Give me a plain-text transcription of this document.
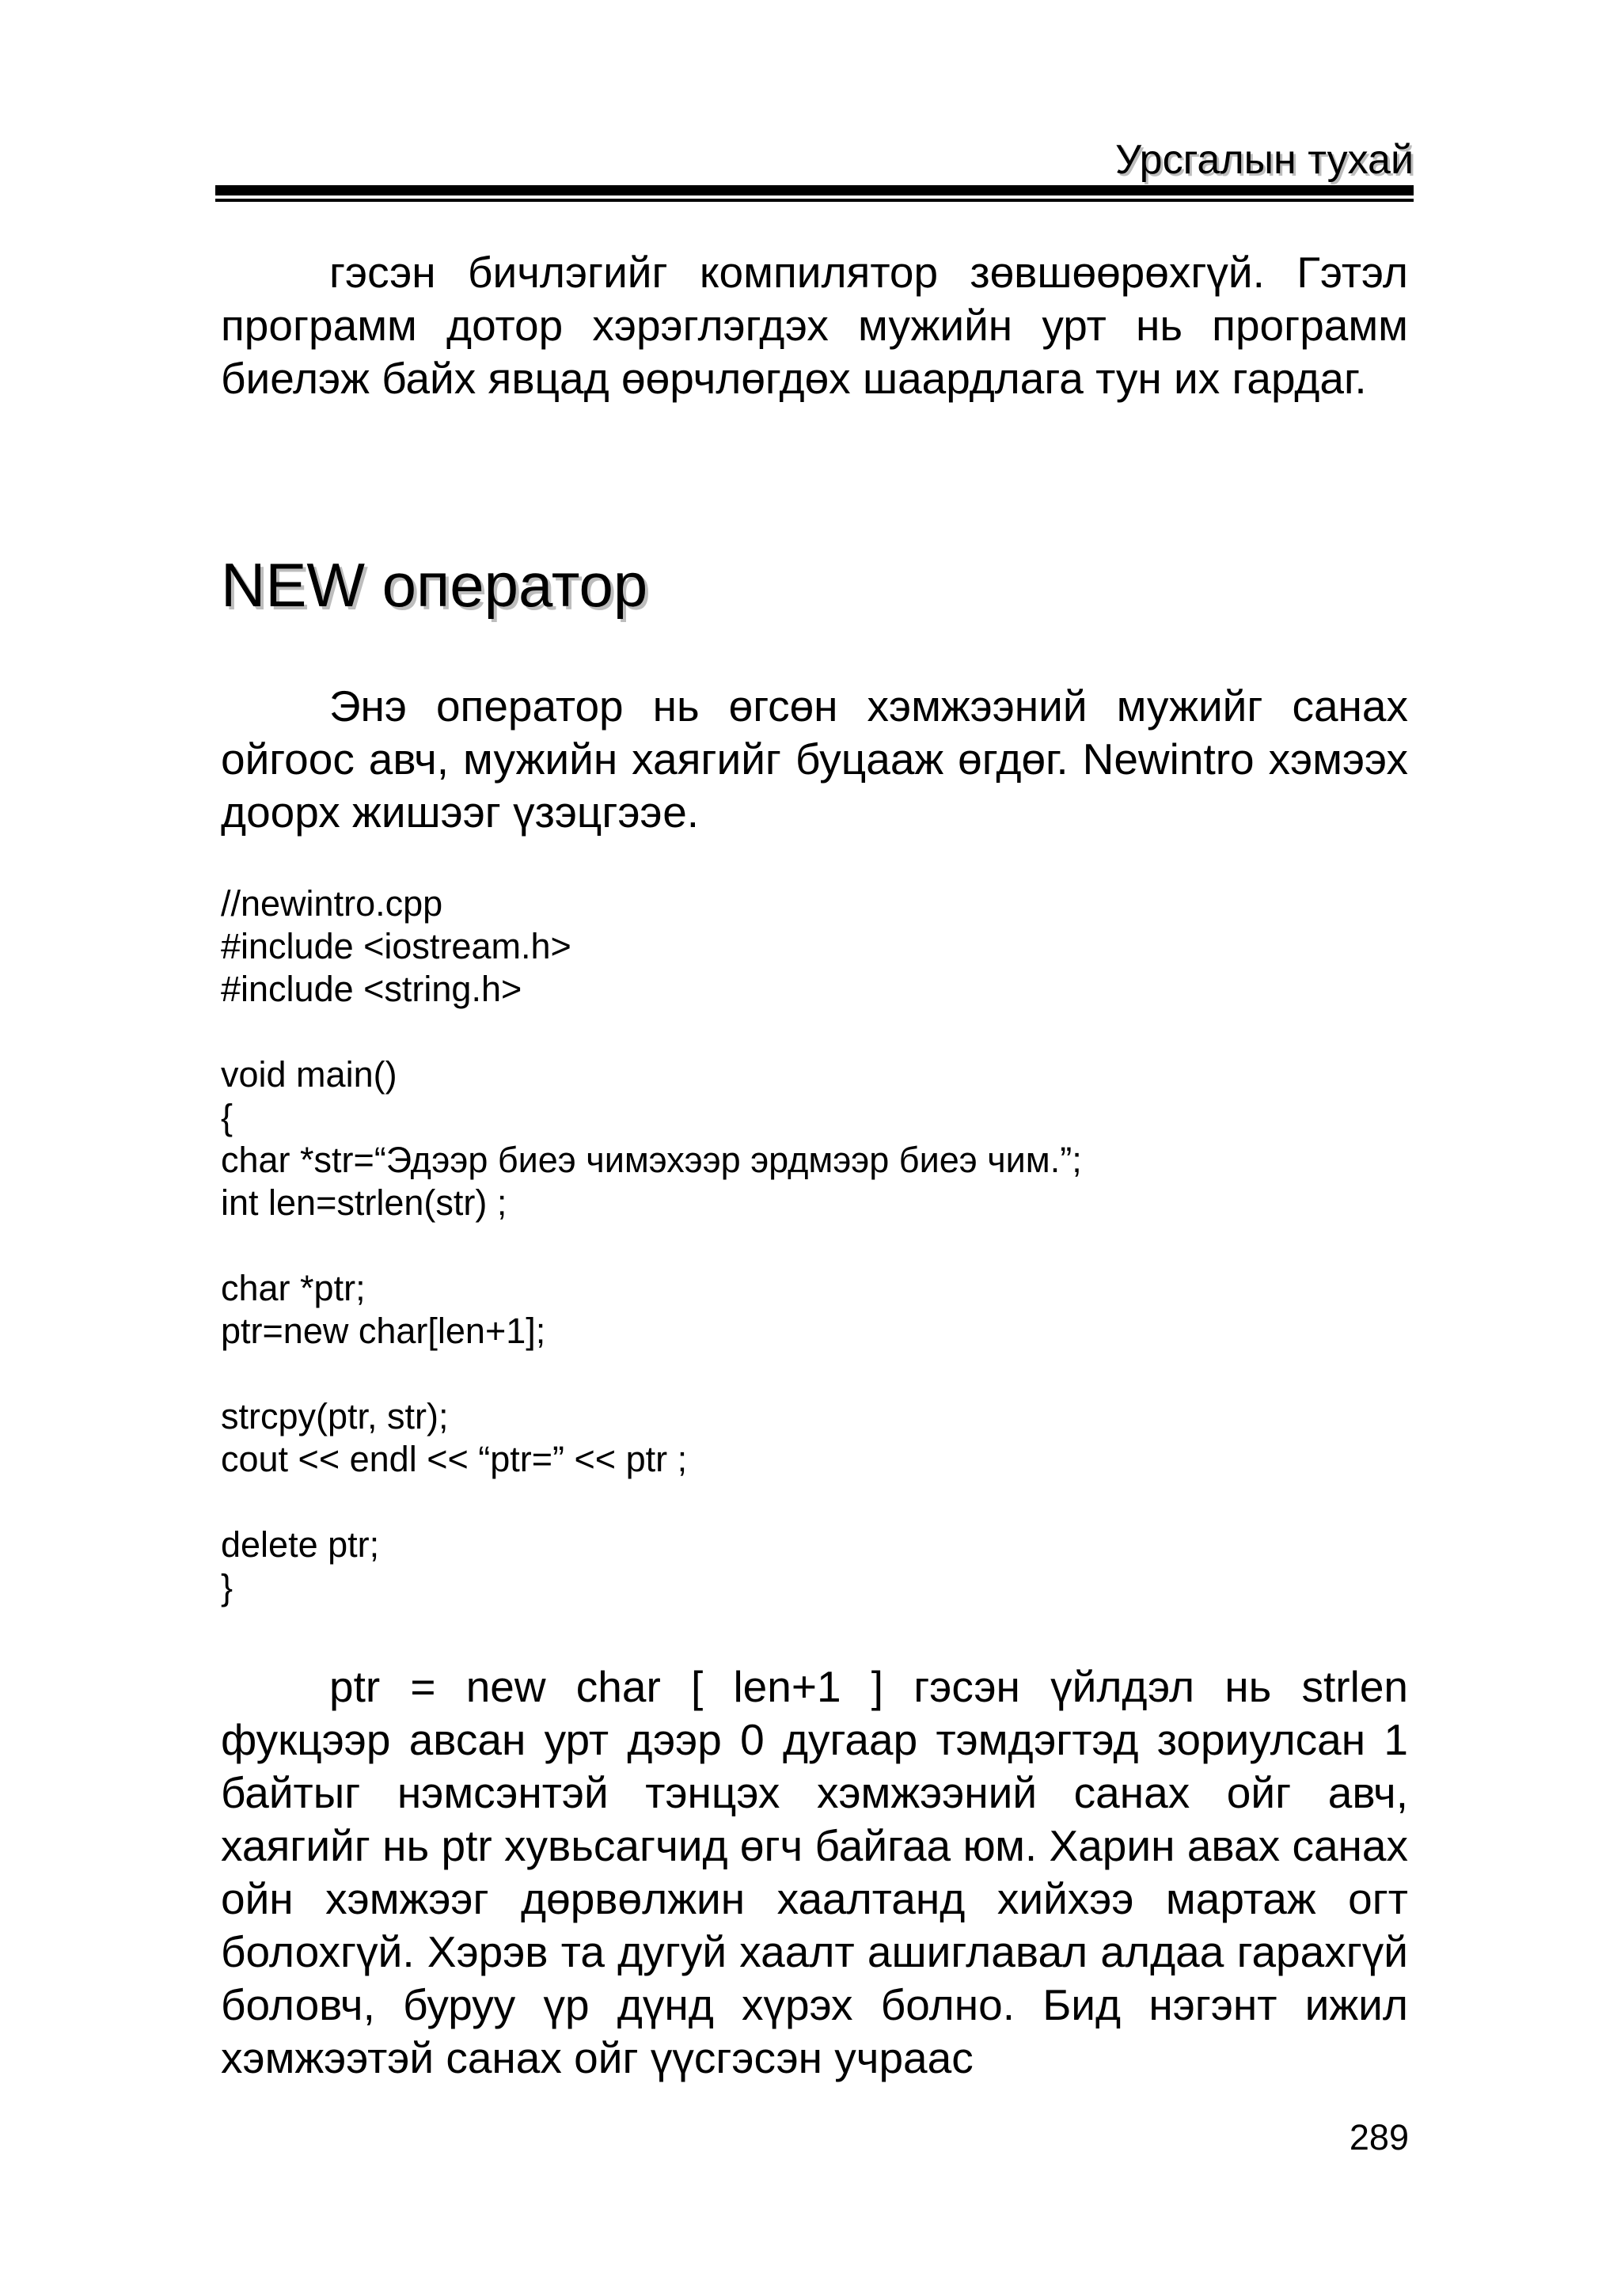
Урсгалын тухай

гэсэн бичлэгийг компилятор зөвшөөрөхгүй. Гэтэл программ дотор хэрэглэгдэх мужийн урт нь программ биелэж байх явцад өөрчлөгдөх шаардлага тун их гардаг.

NEW оператор

Энэ оператор нь өгсөн хэмжээний мужийг санах ойгоос авч, мужийн хаягийг буцааж өгдөг. Newintro хэмээх доорх жишээг үзэцгээе.

//newintro.cpp
#include <iostream.h>
#include <string.h>
void main()
{
char *str=“Эдээр биеэ чимэхээр эрдмээр биеэ чим.”;
int len=strlen(str) ;
char *ptr;
ptr=new char[len+1];
strcpy(ptr, str);
cout << endl << “ptr=” << ptr ;
delete ptr;
}

ptr = new char [ len+1 ] гэсэн үйлдэл нь strlen фукцээр авсан урт дээр 0 дугаар тэмдэгтэд зориулсан 1 байтыг нэмсэнтэй тэнцэх хэмжээний санах ойг авч, хаягийг нь ptr хувьсагчид өгч байгаа юм. Харин авах санах ойн хэмжээг дөрвөлжин хаалтанд хийхээ мартаж огт болохгүй. Хэрэв та дугуй хаалт ашиглавал алдаа гарахгүй боловч, буруу үр дүнд хүрэх болно. Бид нэгэнт ижил хэмжээтэй санах ойг үүсгэсэн учраас

289
